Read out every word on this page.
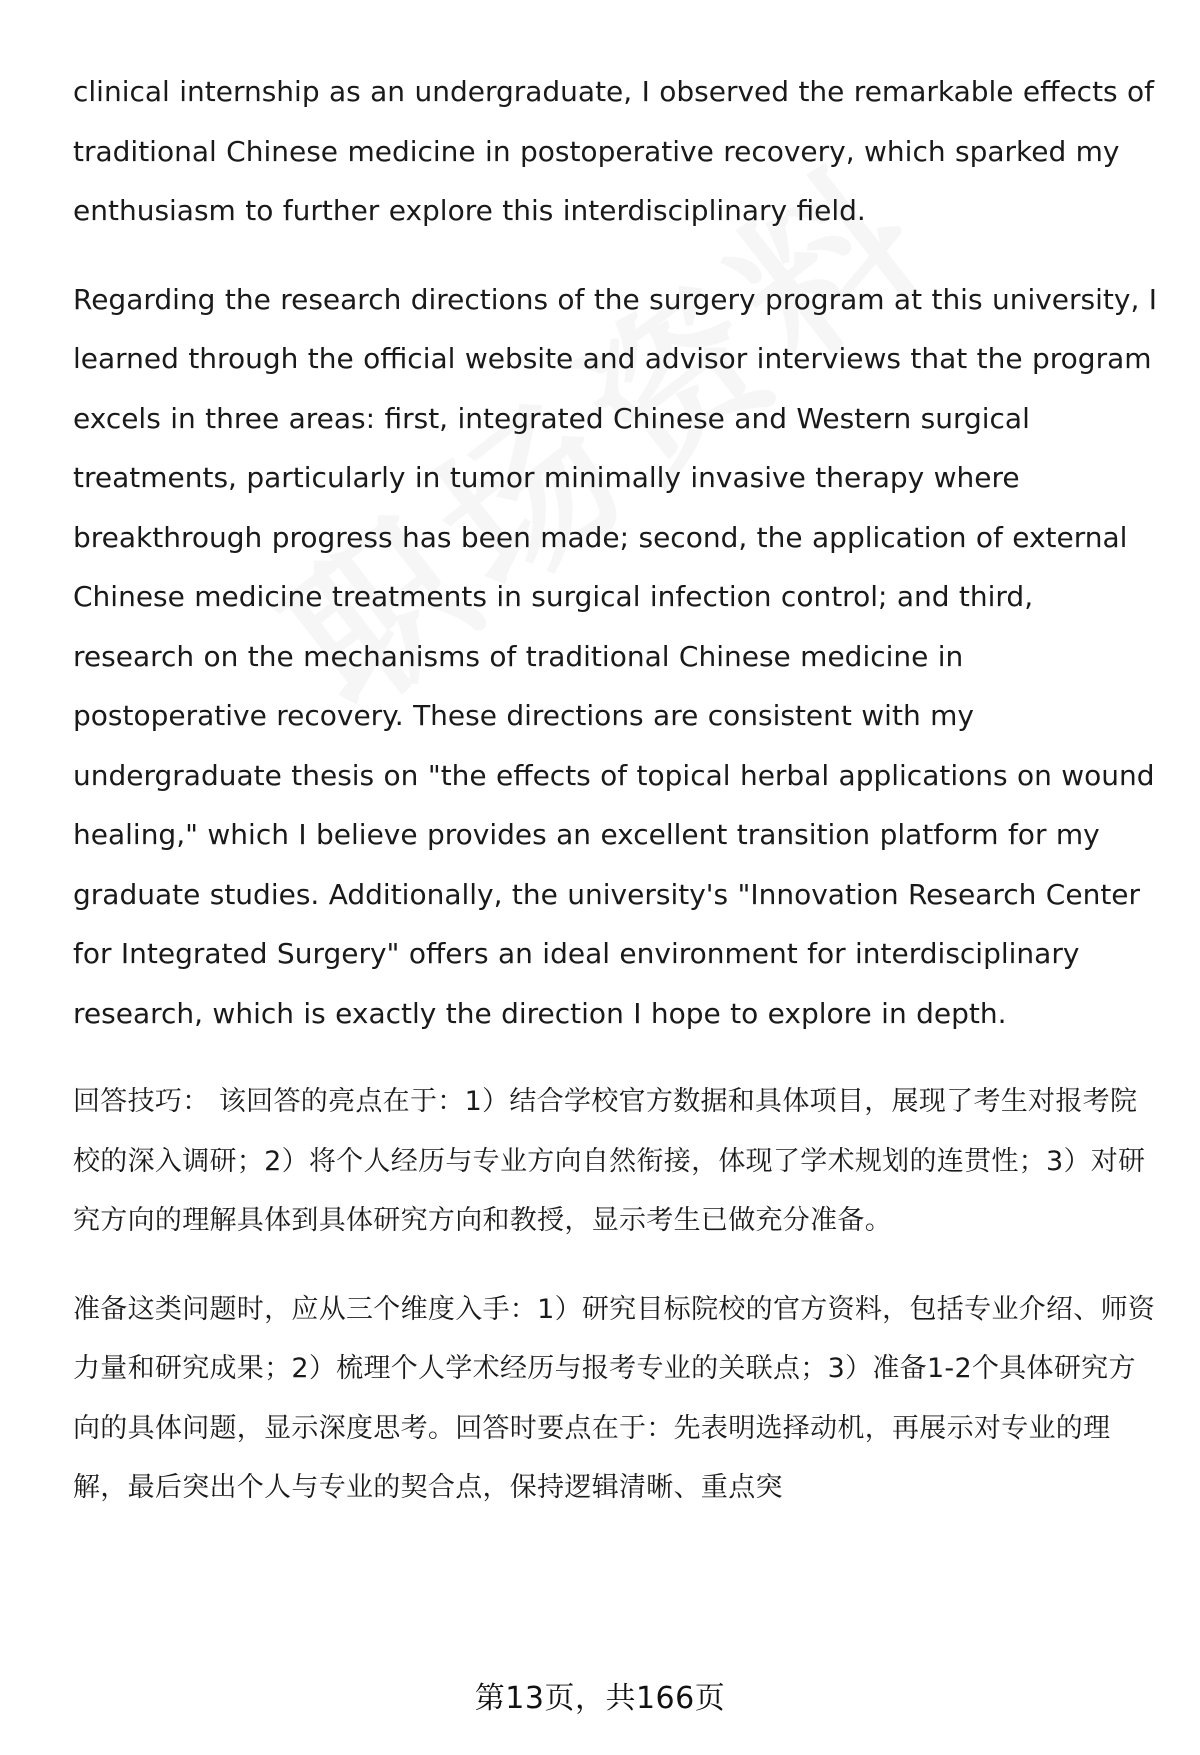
clinical internship as an undergraduate, I observed the remarkable effects of traditional Chinese medicine in postoperative recovery, which sparked my enthusiasm to further explore this interdisciplinary field.

Regarding the research directions of the surgery program at this university, I learned through the official website and advisor interviews that the program excels in three areas: first, integrated Chinese and Western surgical treatments, particularly in tumor minimally invasive therapy where breakthrough progress has been made; second, the application of external Chinese medicine treatments in surgical infection control; and third, research on the mechanisms of traditional Chinese medicine in postoperative recovery. These directions are consistent with my undergraduate thesis on "the effects of topical herbal applications on wound healing," which I believe provides an excellent transition platform for my graduate studies. Additionally, the university's "Innovation Research Center for Integrated Surgery" offers an ideal environment for interdisciplinary research, which is exactly the direction I hope to explore in depth.

回答技巧： 该回答的亮点在于：1）结合学校官方数据和具体项目，展现了考生对报考院校的深入调研；2）将个人经历与专业方向自然衔接，体现了学术规划的连贯性；3）对研究方向的理解具体到具体研究方向和教授，显示考生已做充分准备。

准备这类问题时，应从三个维度入手：1）研究目标院校的官方资料，包括专业介绍、师资力量和研究成果；2）梳理个人学术经历与报考专业的关联点；3）准备1-2个具体研究方向的具体问题，显示深度思考。回答时要点在于：先表明选择动机，再展示对专业的理解，最后突出个人与专业的契合点，保持逻辑清晰、重点突

第13页，共166页
